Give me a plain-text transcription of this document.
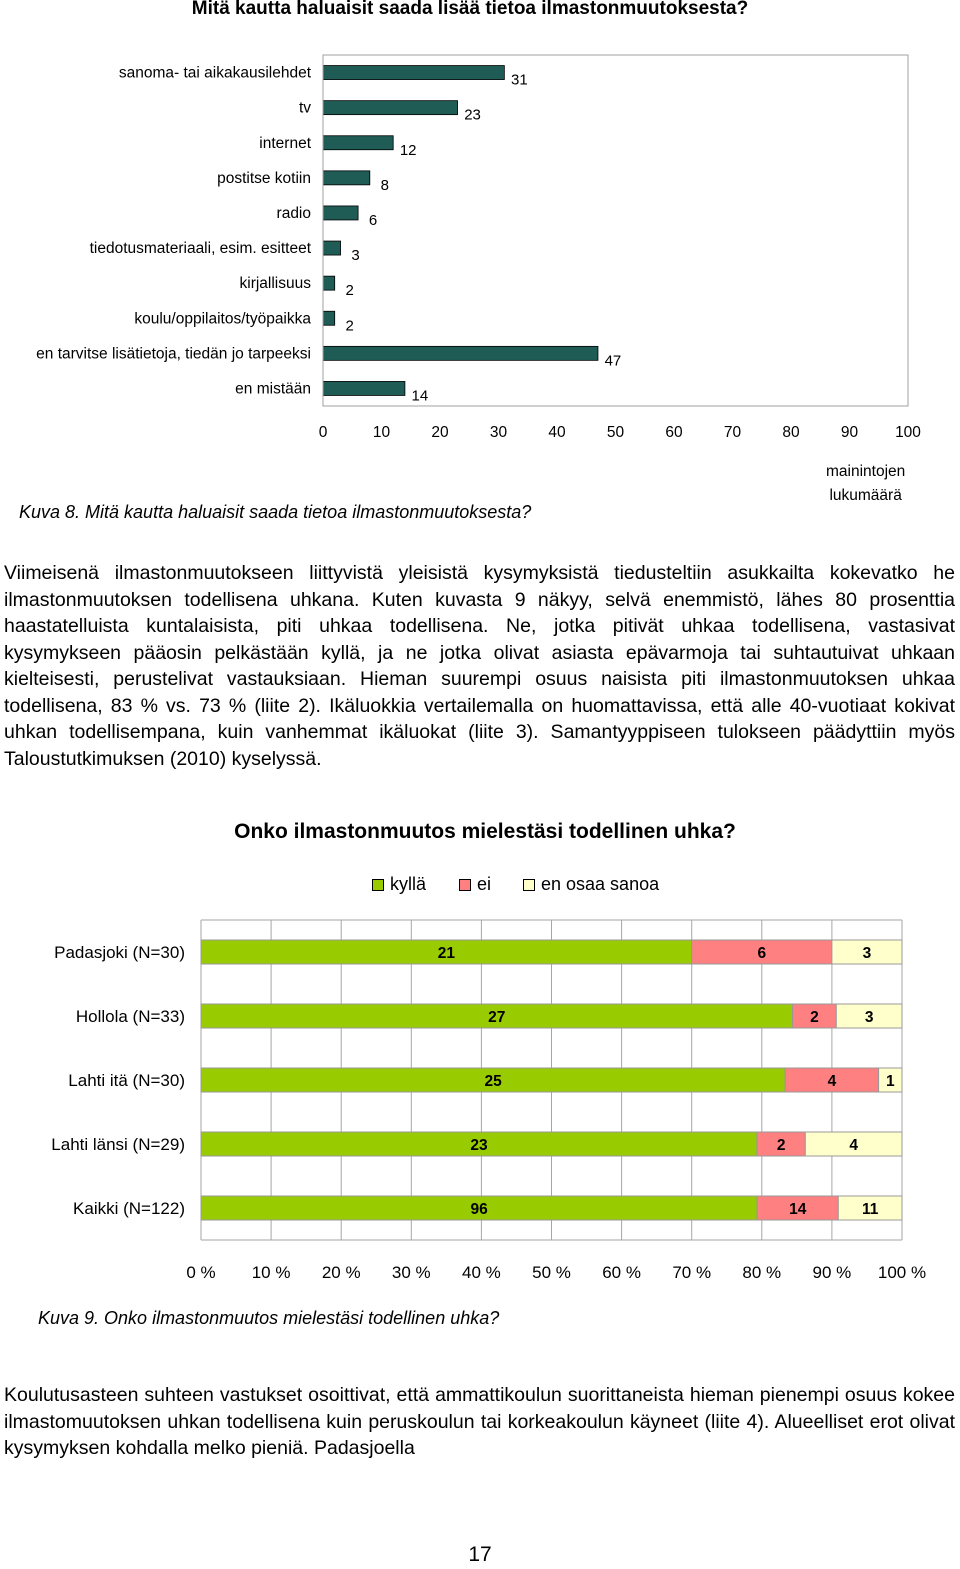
Mitä kautta haluaisit saada lisää tietoa ilmastonmuutoksesta?
31
23
12
8
6
3
2
2
47
14
sanoma- tai aikakausilehdet
tv
internet
postitse kotiin
radio
tiedotusmateriaali, esim. esitteet
kirjallisuus
koulu/oppilaitos/työpaikka
en tarvitse lisätietoja, tiedän jo tarpeeksi
en mistään
0	10	20	30	40	50	60	70	80	90 100
mainintojen
lukumäärä
Kuva 8. Mitä kautta haluaisit saada tietoa ilmastonmuutoksesta?

Viimeisenä ilmastonmuutokseen liittyvistä yleisistä kysymyksistä tiedusteltiin asukkailta kokevatko he ilmastonmuutoksen todellisena uhkana. Kuten kuvasta 9 näkyy, selvä enemmistö, lähes 80 prosenttia haastatelluista kuntalaisista, piti uhkaa todellisena. Ne, jotka pitivät uhkaa todellisena, vastasivat kysymykseen pääosin pelkästään kyllä, ja ne jotka olivat asiasta epävarmoja tai suhtautuivat uhkaan kielteisesti, perustelivat vastauksiaan. Hieman suurempi osuus naisista piti ilmastonmuutoksen uhkaa todellisena, 83 % vs. 73 % (liite 2). Ikäluokkia vertailemalla on huomattavissa, että alle 40-vuotiaat kokivat uhkan todellisempana, kuin vanhemmat ikäluokat (liite 3). Samantyyppiseen tulokseen päädyttiin myös Taloustutkimuksen (2010) kyselyssä.

Onko ilmastonmuutos mielestäsi todellinen uhka?
kyllä	ei	en osaa sanoa
21	6	3
27	2	3
25	4	1
23	2	4
96	14	11
Padasjoki (N=30)
Hollola (N=33)
Lahti itä (N=30)
Lahti länsi (N=29)
Kaikki (N=122)
0 % 10 % 20 % 30 % 40 % 50 % 60 % 70 % 80 % 90 % 100 %
Kuva 9. Onko ilmastonmuutos mielestäsi todellinen uhka?

Koulutusasteen suhteen vastukset osoittivat, että ammattikoulun suorittaneista hieman pienempi osuus kokee ilmastomuutoksen uhkan todellisena kuin peruskoulun tai korkeakoulun käyneet (liite 4). Alueelliset erot olivat kysymyksen kohdalla melko pieniä. Padasjoella

17
